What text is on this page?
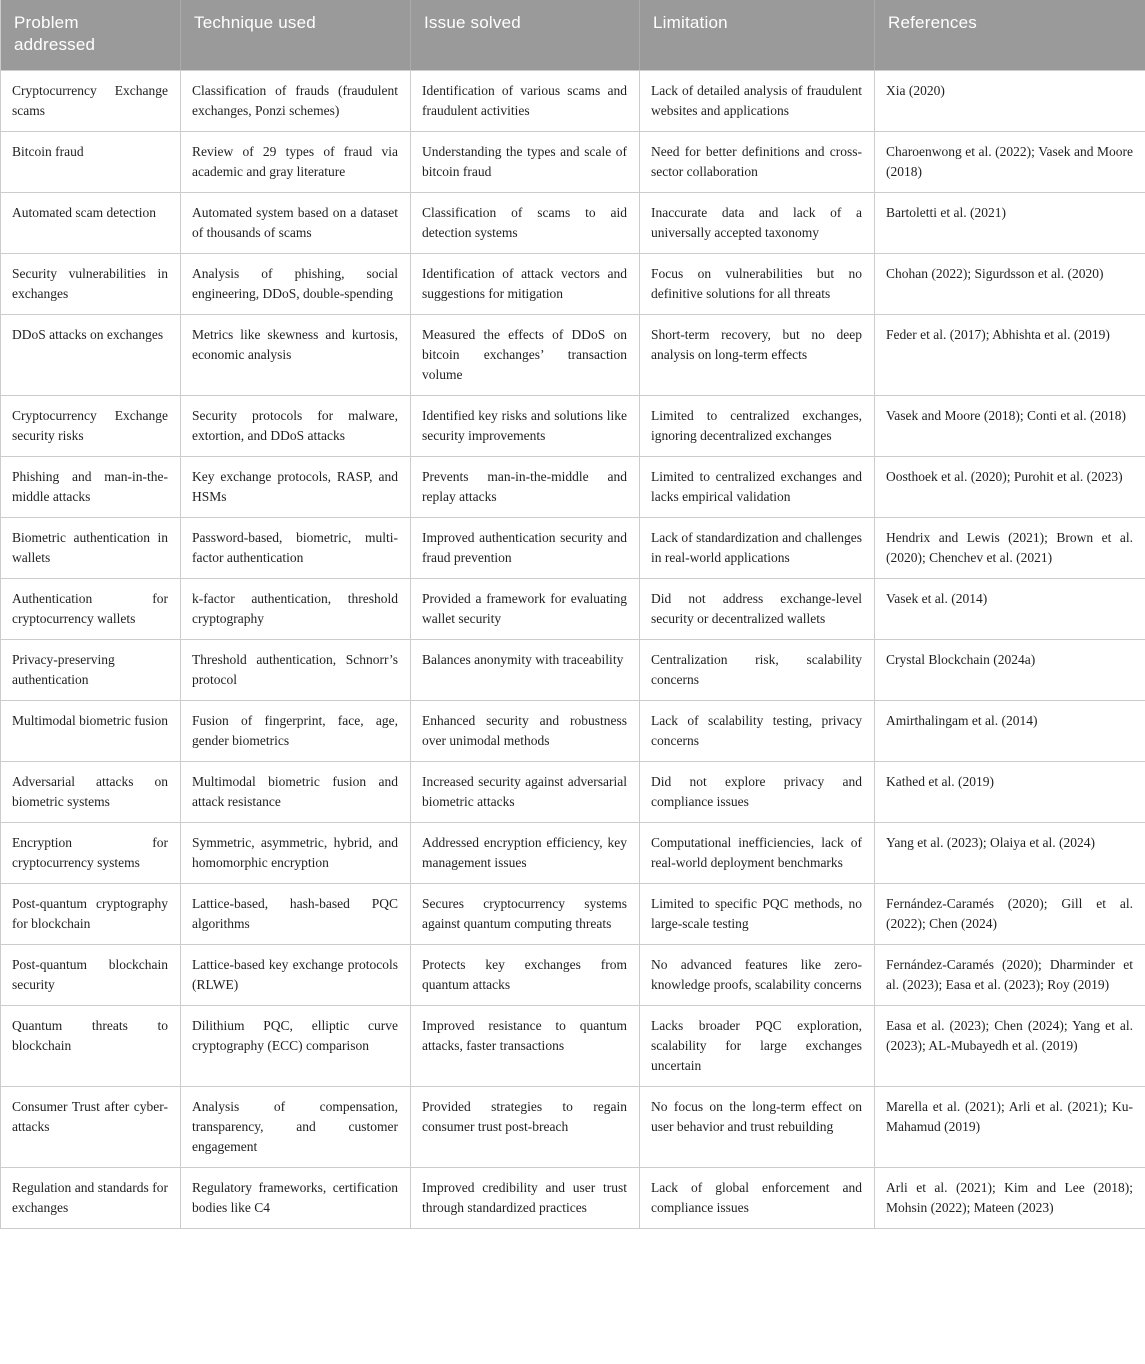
Problem addressed	Technique used	Issue solved	Limitation	References
Cryptocurrency Exchange scams	Classification of frauds (fraudulent exchanges, Ponzi schemes)	Identification of various scams and fraudulent activities	Lack of detailed analysis of fraudulent websites and applications	Xia (2020)
Bitcoin fraud	Review of 29 types of fraud via academic and gray literature	Understanding the types and scale of bitcoin fraud	Need for better definitions and cross-sector collaboration	Charoenwong et al. (2022); Vasek and Moore (2018)
Automated scam detection	Automated system based on a dataset of thousands of scams	Classification of scams to aid detection systems	Inaccurate data and lack of a universally accepted taxonomy	Bartoletti et al. (2021)
Security vulnerabilities in exchanges	Analysis of phishing, social engineering, DDoS, double-spending	Identification of attack vectors and suggestions for mitigation	Focus on vulnerabilities but no definitive solutions for all threats	Chohan (2022); Sigurdsson et al. (2020)
DDoS attacks on exchanges	Metrics like skewness and kurtosis, economic analysis	Measured the effects of DDoS on bitcoin exchanges’ transaction volume	Short-term recovery, but no deep analysis on long-term effects	Feder et al. (2017); Abhishta et al. (2019)
Cryptocurrency Exchange security risks	Security protocols for malware, extortion, and DDoS attacks	Identified key risks and solutions like security improvements	Limited to centralized exchanges, ignoring decentralized exchanges	Vasek and Moore (2018); Conti et al. (2018)
Phishing and man-in-the-middle attacks	Key exchange protocols, RASP, and HSMs	Prevents man-in-the-middle and replay attacks	Limited to centralized exchanges and lacks empirical validation	Oosthoek et al. (2020); Purohit et al. (2023)
Biometric authentication in wallets	Password-based, biometric, multi-factor authentication	Improved authentication security and fraud prevention	Lack of standardization and challenges in real-world applications	Hendrix and Lewis (2021); Brown et al. (2020); Chenchev et al. (2021)
Authentication for cryptocurrency wallets	k-factor authentication, threshold cryptography	Provided a framework for evaluating wallet security	Did not address exchange-level security or decentralized wallets	Vasek et al. (2014)
Privacy-preserving authentication	Threshold authentication, Schnorr’s protocol	Balances anonymity with traceability	Centralization risk, scalability concerns	Crystal Blockchain (2024a)
Multimodal biometric fusion	Fusion of fingerprint, face, age, gender biometrics	Enhanced security and robustness over unimodal methods	Lack of scalability testing, privacy concerns	Amirthalingam et al. (2014)
Adversarial attacks on biometric systems	Multimodal biometric fusion and attack resistance	Increased security against adversarial biometric attacks	Did not explore privacy and compliance issues	Kathed et al. (2019)
Encryption for cryptocurrency systems	Symmetric, asymmetric, hybrid, and homomorphic encryption	Addressed encryption efficiency, key management issues	Computational inefficiencies, lack of real-world deployment benchmarks	Yang et al. (2023); Olaiya et al. (2024)
Post-quantum cryptography for blockchain	Lattice-based, hash-based PQC algorithms	Secures cryptocurrency systems against quantum computing threats	Limited to specific PQC methods, no large-scale testing	Fernández-Caramés (2020); Gill et al. (2022); Chen (2024)
Post-quantum blockchain security	Lattice-based key exchange protocols (RLWE)	Protects key exchanges from quantum attacks	No advanced features like zero-knowledge proofs, scalability concerns	Fernández-Caramés (2020); Dharminder et al. (2023); Easa et al. (2023); Roy (2019)
Quantum threats to blockchain	Dilithium PQC, elliptic curve cryptography (ECC) comparison	Improved resistance to quantum attacks, faster transactions	Lacks broader PQC exploration, scalability for large exchanges uncertain	Easa et al. (2023); Chen (2024); Yang et al. (2023); AL-Mubayedh et al. (2019)
Consumer Trust after cyber-attacks	Analysis of compensation, transparency, and customer engagement	Provided strategies to regain consumer trust post-breach	No focus on the long-term effect on user behavior and trust rebuilding	Marella et al. (2021); Arli et al. (2021); Ku-Mahamud (2019)
Regulation and standards for exchanges	Regulatory frameworks, certification bodies like C4	Improved credibility and user trust through standardized practices	Lack of global enforcement and compliance issues	Arli et al. (2021); Kim and Lee (2018); Mohsin (2022); Mateen (2023)
